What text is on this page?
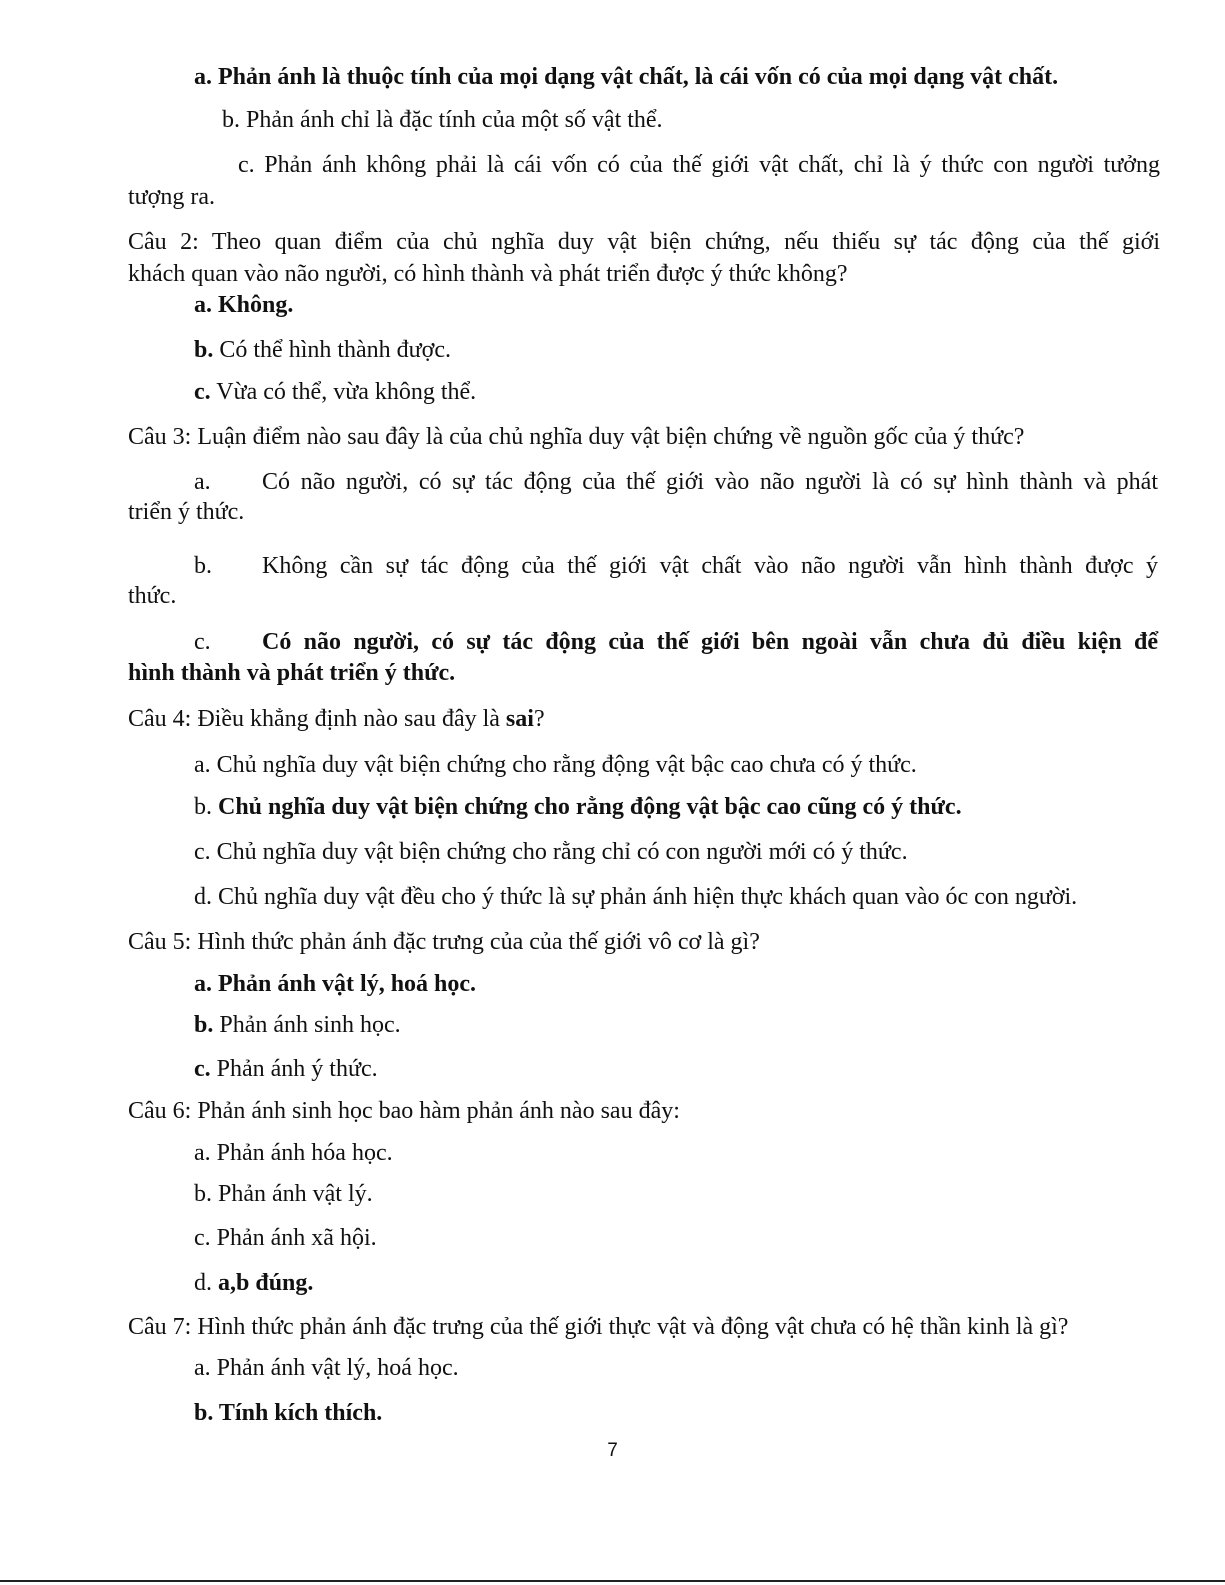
a. Phản ánh là thuộc tính của mọi dạng vật chất, là cái vốn có của mọi dạng vật chất.
b. Phản ánh chỉ là đặc tính của một số vật thể.
c. Phản ánh không phải là cái vốn có của thế giới vật chất, chỉ là ý thức con người tưởng
tượng ra.
Câu 2: Theo quan điểm của chủ nghĩa duy vật biện chứng, nếu thiếu sự tác động của thế giới
khách quan vào não người, có hình thành và phát triển được ý thức không?
a. Không.
b. Có thể hình thành được.
c. Vừa có thể, vừa không thể.
Câu 3: Luận điểm nào sau đây là của chủ nghĩa duy vật biện chứng về nguồn gốc của ý thức?
a. Có não người, có sự tác động của thế giới vào não người là có sự hình thành và phát
triển ý thức.
b. Không cần sự tác động của thế giới vật chất vào não người vẫn hình thành được ý
thức.
c. Có não người, có sự tác động của thế giới bên ngoài vẫn chưa đủ điều kiện để
hình thành và phát triển ý thức.
Câu 4: Điều khẳng định nào sau đây là sai?
a. Chủ nghĩa duy vật biện chứng cho rằng động vật bậc cao chưa có ý thức.
b. Chủ nghĩa duy vật biện chứng cho rằng động vật bậc cao cũng có ý thức.
c. Chủ nghĩa duy vật biện chứng cho rằng chỉ có con người mới có ý thức.
d. Chủ nghĩa duy vật đều cho ý thức là sự phản ánh hiện thực khách quan vào óc con người.
Câu 5: Hình thức phản ánh đặc trưng của của thế giới vô cơ là gì?
a. Phản ánh vật lý, hoá học.
b. Phản ánh sinh học.
c. Phản ánh ý thức.
Câu 6: Phản ánh sinh học bao hàm phản ánh nào sau đây:
a. Phản ánh hóa học.
b. Phản ánh vật lý.
c. Phản ánh xã hội.
d. a,b đúng.
Câu 7: Hình thức phản ánh đặc trưng của thế giới thực vật và động vật chưa có hệ thần kinh là gì?
a. Phản ánh vật lý, hoá học.
b. Tính kích thích.
7
